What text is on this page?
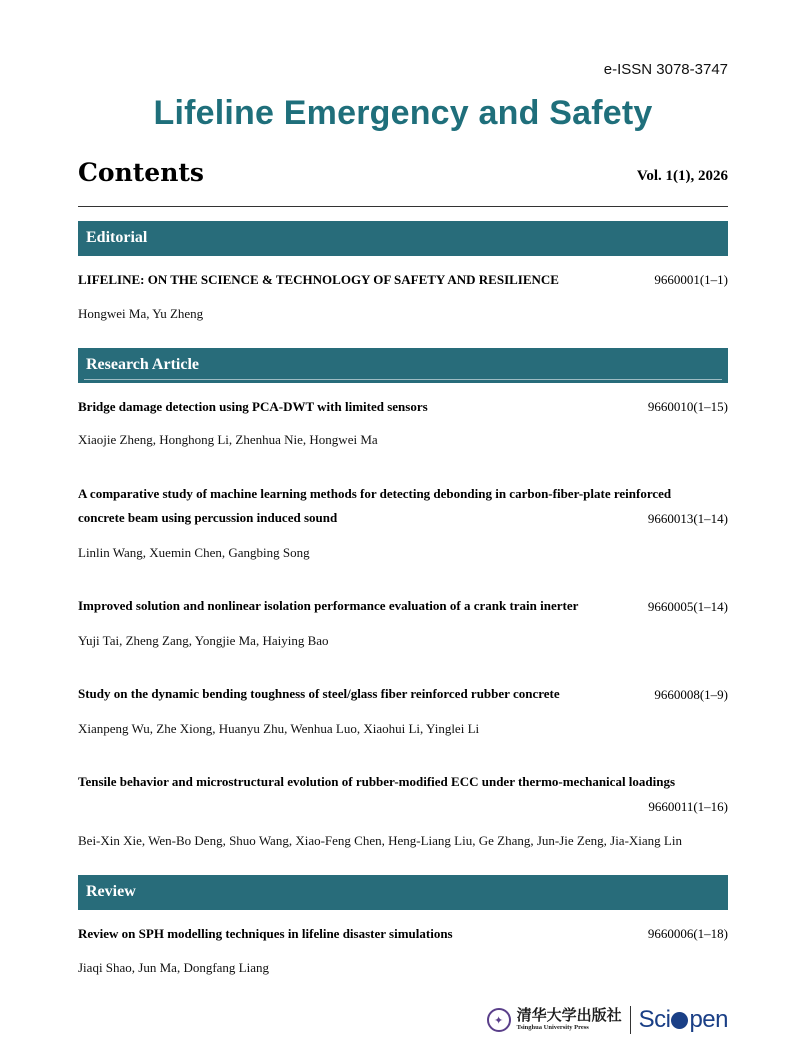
e-ISSN 3078-3747
Lifeline Emergency and Safety
Contents	Vol. 1(1), 2026
Editorial
LIFELINE: ON THE SCIENCE & TECHNOLOGY OF SAFETY AND RESILIENCE	9660001(1–1)
Hongwei Ma, Yu Zheng
Research Article
Bridge damage detection using PCA-DWT with limited sensors	9660010(1–15)
Xiaojie Zheng, Honghong Li, Zhenhua Nie, Hongwei Ma
A comparative study of machine learning methods for detecting debonding in carbon-fiber-plate reinforced
concrete beam using percussion induced sound	9660013(1–14)
Linlin Wang, Xuemin Chen, Gangbing Song
Improved solution and nonlinear isolation performance evaluation of a crank train inerter	9660005(1–14)
Yuji Tai, Zheng Zang, Yongjie Ma, Haiying Bao
Study on the dynamic bending toughness of steel/glass fiber reinforced rubber concrete	9660008(1–9)
Xianpeng Wu, Zhe Xiong, Huanyu Zhu, Wenhua Luo, Xiaohui Li, Yinglei Li
Tensile behavior and microstructural evolution of rubber-modified ECC under thermo-mechanical loadings
9660011(1–16)
Bei-Xin Xie, Wen-Bo Deng, Shuo Wang, Xiao-Feng Chen, Heng-Liang Liu, Ge Zhang, Jun-Jie Zeng, Jia-Xiang Lin
Review
Review on SPH modelling techniques in lifeline disaster simulations	9660006(1–18)
Jiaqi Shao, Jun Ma, Dongfang Liang
✦ 清华大学出版社
Tsinghua University Press	Sci pen
